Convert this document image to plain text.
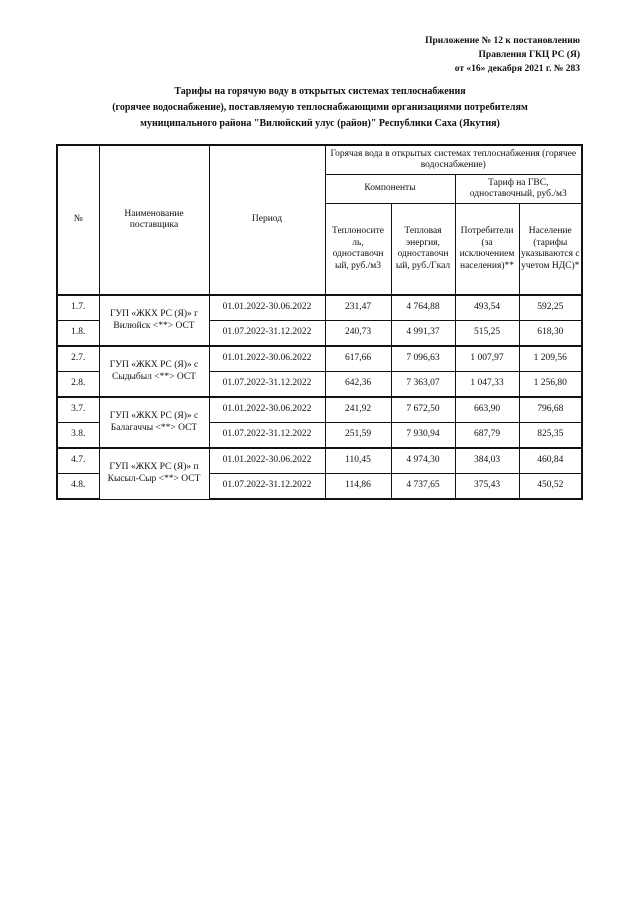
Приложение № 12 к постановлению
Правления ГКЦ РС (Я)
от «16» декабря 2021 г. № 283
Тарифы на горячую воду в открытых системах теплоснабжения
(горячее водоснабжение), поставляемую теплоснабжающими организациями потребителям
муниципального района "Вилюйский улус (район)" Республики Саха (Якутия)
№	Наименование поставщика	Период	Горячая вода в открытых системах теплоснабжения (горячее водоснабжение)			
			Компоненты		Тариф на ГВС, одноставочный, руб./м3	
			Теплоносите ль, одноставочн ый, руб./м3	Тепловая энергия, одноставочн ый, руб./Гкал	Потребители (за исключением населения)**	Население (тарифы указываются с учетом НДС)*
1.7.	ГУП «ЖКХ РС (Я)» г Вилюйск <**> ОСТ	01.01.2022-30.06.2022	231,47	4 764,88	493,54	592,25
1.8.		01.07.2022-31.12.2022	240,73	4 991,37	515,25	618,30
2.7.	ГУП «ЖКХ РС (Я)» с Сыдыбыл <**> ОСТ	01.01.2022-30.06.2022	617,66	7 096,63	1 007,97	1 209,56
2.8.		01.07.2022-31.12.2022	642,36	7 363,07	1 047,33	1 256,80
3.7.	ГУП «ЖКХ РС (Я)» с Балагаччы <**> ОСТ	01.01.2022-30.06.2022	241,92	7 672,50	663,90	796,68
3.8.		01.07.2022-31.12.2022	251,59	7 930,94	687,79	825,35
4.7.	ГУП «ЖКХ РС (Я)» п Кысыл-Сыр <**> ОСТ	01.01.2022-30.06.2022	110,45	4 974,30	384,03	460,84
4.8.		01.07.2022-31.12.2022	114,86	4 737,65	375,43	450,52
